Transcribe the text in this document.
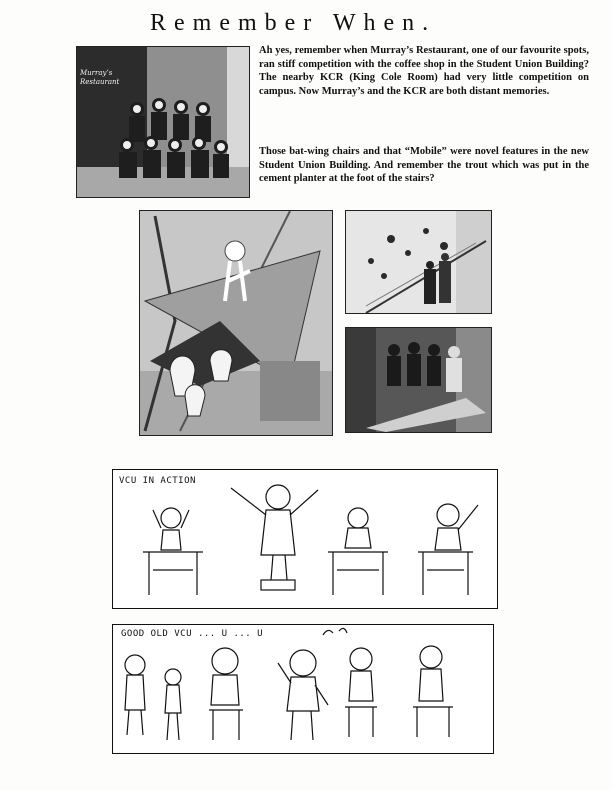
Remember When.
Murray’s Restaurant
Ah yes, remember when Murray’s Restaurant, one of our favourite spots, ran stiff competition with the coffee shop in the Student Union Building? The nearby KCR (King Cole Room) had very little competition on campus. Now Murray’s and the KCR are both distant memories.
Those bat-wing chairs and that “Mobile” were novel features in the new Student Union Building. And remember the trout which was put in the cement planter at the foot of the stairs?
VCU IN ACTION
GOOD OLD VCU ... U ... U
